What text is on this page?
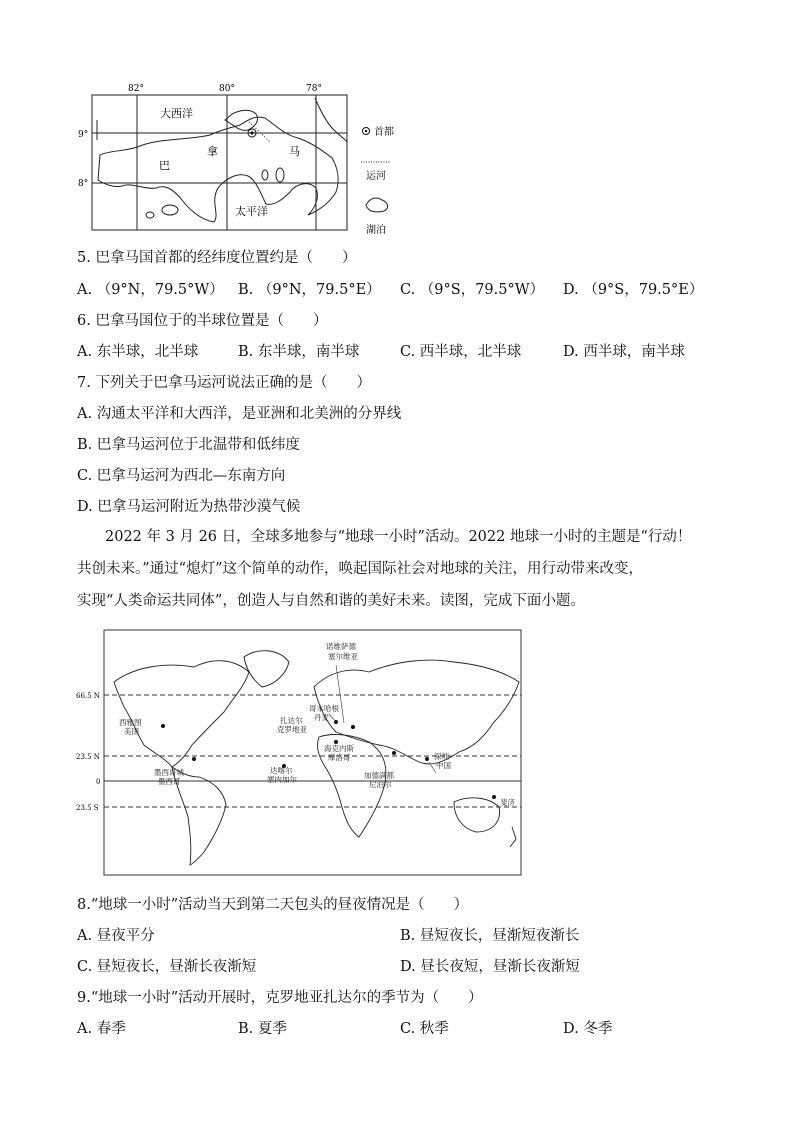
82°	80°	78°
9°
8°
大西洋
巴
拿	马
太平洋
首都
运河
湖泊
5. 巴拿马国首都的经纬度位置约是（　　）
A. （9°N，79.5°W） B. （9°N，79.5°E） C. （9°S，79.5°W） D. （9°S，79.5°E）
6. 巴拿马国位于的半球位置是（　　）
A. 东半球，北半球	B. 东半球，南半球	C. 西半球，北半球	D. 西半球，南半球
7. 下列关于巴拿马运河说法正确的是（　　）
A. 沟通太平洋和大西洋，是亚洲和北美洲的分界线
B. 巴拿马运河位于北温带和低纬度
C. 巴拿马运河为西北—东南方向
D. 巴拿马运河附近为热带沙漠气候
2022 年 3 月 26 日，全球多地参与“地球一小时”活动。2022 地球一小时的主题是“行动！
共创未来。”通过“熄灯”这个简单的动作，唤起国际社会对地球的关注，用行动带来改变，
实现“人类命运共同体”，创造人与自然和谐的美好未来。读图，完成下面小题。
66.5 N
23.5 N
0
23.5 S
诺维萨德
塞尔维亚
哥本哈根
丹麦
扎达尔
克罗地亚
西雅图
美国
墨西哥城
墨西哥
海克内斯
摩洛哥
达喀尔
塞内加尔
深圳
中国
加德满都
尼泊尔
斐济
诺维萨德 塞尔维亚
8.“地球一小时”活动当天到第二天包头的昼夜情况是（　　）
A. 昼夜平分	B. 昼短夜长，昼渐短夜渐长
C. 昼短夜长，昼渐长夜渐短	D. 昼长夜短，昼渐长夜渐短
9.“地球一小时”活动开展时，克罗地亚扎达尔的季节为（　　）
A. 春季	B. 夏季	C. 秋季	D. 冬季
